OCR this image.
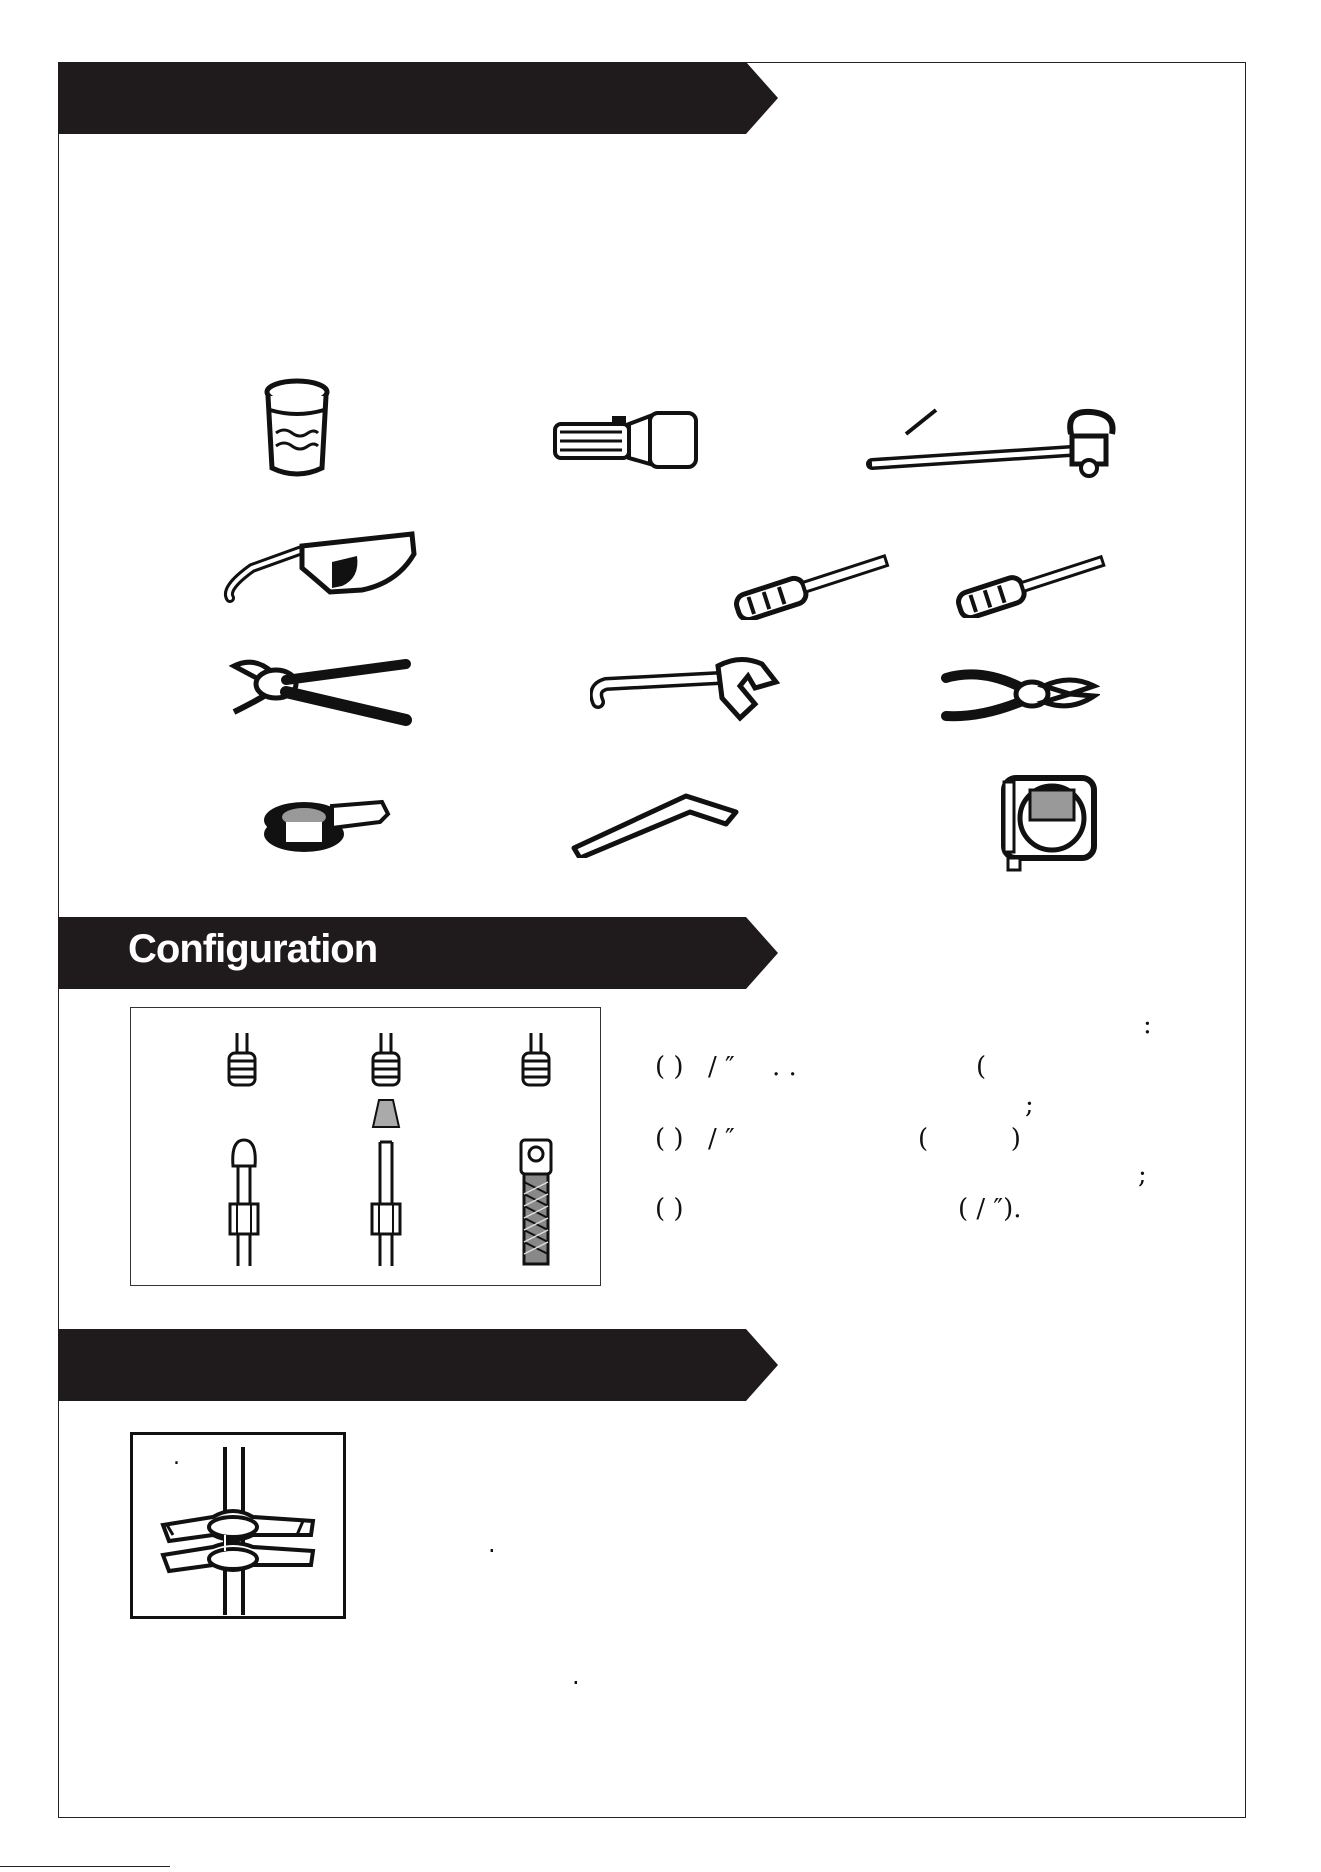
Configuration
:
( ) / ″ . .	(
;
( ) / ″	(          )
;
( )	( / ″).
.
.
.
